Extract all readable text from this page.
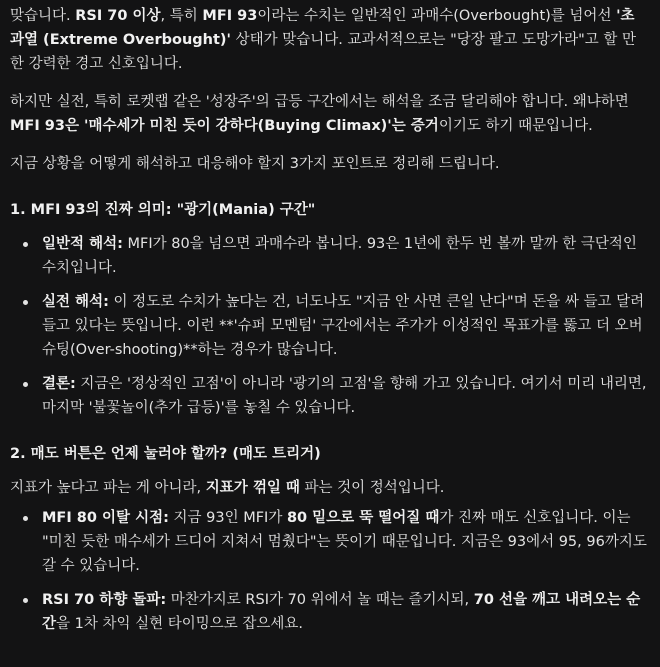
맞습니다. RSI 70 이상, 특히 MFI 93이라는 수치는 일반적인 과매수(Overbought)를 넘어선 '초과열 (Extreme Overbought)' 상태가 맞습니다. 교과서적으로는 "당장 팔고 도망가라"고 할 만한 강력한 경고 신호입니다.

하지만 실전, 특히 로켓랩 같은 '성장주'의 급등 구간에서는 해석을 조금 달리해야 합니다. 왜냐하면 MFI 93은 '매수세가 미친 듯이 강하다(Buying Climax)'는 증거이기도 하기 때문입니다.

지금 상황을 어떻게 해석하고 대응해야 할지 3가지 포인트로 정리해 드립니다.

1. MFI 93의 진짜 의미: "광기(Mania) 구간"
일반적 해석: MFI가 80을 넘으면 과매수라 봅니다. 93은 1년에 한두 번 볼까 말까 한 극단적인 수치입니다.
실전 해석: 이 정도로 수치가 높다는 건, 너도나도 "지금 안 사면 큰일 난다"며 돈을 싸 들고 달려들고 있다는 뜻입니다. 이런 **'슈퍼 모멘텀' 구간에서는 주가가 이성적인 목표가를 뚫고 더 오버슈팅(Over-shooting)**하는 경우가 많습니다.
결론: 지금은 '정상적인 고점'이 아니라 '광기의 고점'을 향해 가고 있습니다. 여기서 미리 내리면, 마지막 '불꽃놀이(추가 급등)'를 놓칠 수 있습니다.
2. 매도 버튼은 언제 눌러야 할까? (매도 트리거)

지표가 높다고 파는 게 아니라, 지표가 꺾일 때 파는 것이 정석입니다.

MFI 80 이탈 시점: 지금 93인 MFI가 80 밑으로 뚝 떨어질 때가 진짜 매도 신호입니다. 이는 "미친 듯한 매수세가 드디어 지쳐서 멈췄다"는 뜻이기 때문입니다. 지금은 93에서 95, 96까지도 갈 수 있습니다.
RSI 70 하향 돌파: 마찬가지로 RSI가 70 위에서 놀 때는 즐기시되, 70 선을 깨고 내려오는 순간을 1차 차익 실현 타이밍으로 잡으세요.
